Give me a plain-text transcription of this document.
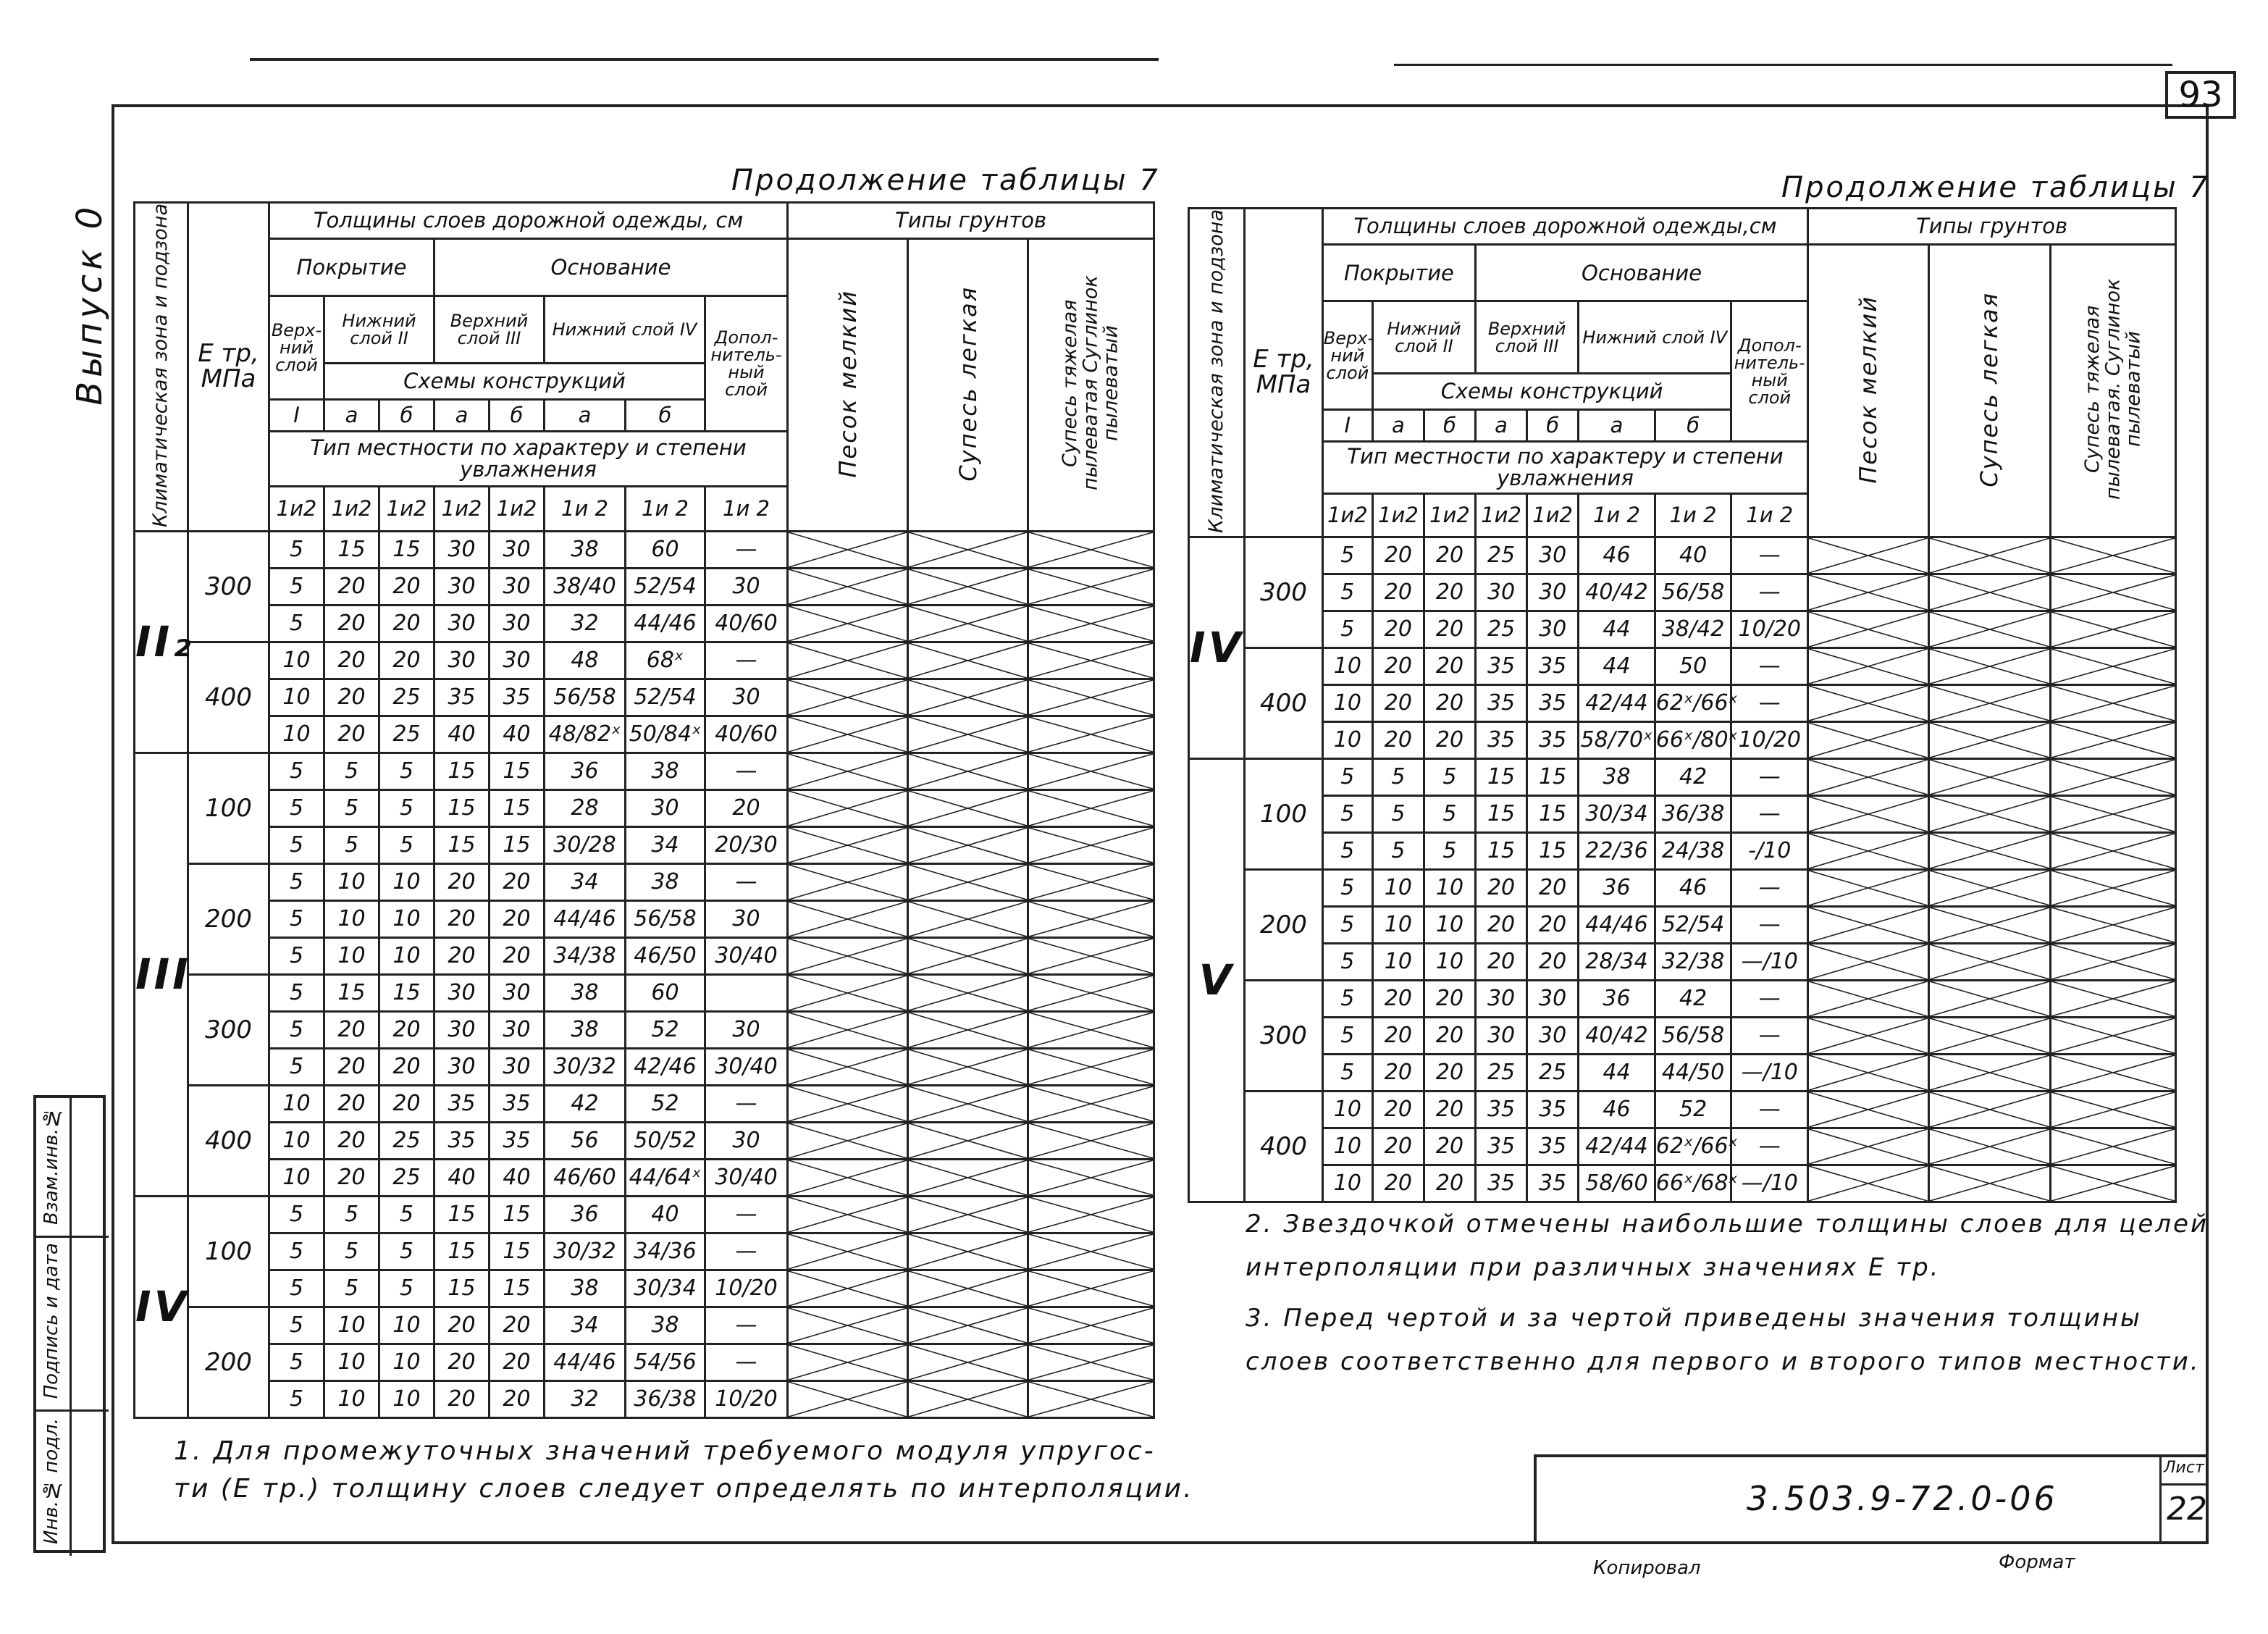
93
Выпуск 0
Взам.инв.№
Подпись и дата
Инв.№ подл.
Продолжение таблицы 7	Продолжение таблицы 7
Климатическая зона и подзона	Е тр, МПа	Толщины слоев дорожной одежды, см								Типы грунтов		
		Покрытие			Основание					Песок мелкий	Супесь легкая	Супесь тяжелая пылеватая Суглинок пылеватый
		Верх-ний слой	Нижний слой II		Верхний слой III		Нижний слой IV		Допол-нитель-ный слой			
			Схемы конструкций									
		I	а	б	а	б	а	б				
		Тип местности по характеру и степени увлажнения										
		1и2	1и2	1и2	1и2	1и2	1и 2	1и 2	1и 2			
II₂	300	5	15	15	30	30	38	60	—	

		5	20	20	30	30	38/40	52/54	30	

		5	20	20	30	30	32	44/46	40/60	

	400	10	20	20	30	30	48	68ˣ	—	

		10	20	25	35	35	56/58	52/54	30	

		10	20	25	40	40	48/82ˣ	50/84ˣ	40/60	

III	100	5	5	5	15	15	36	38	—	

		5	5	5	15	15	28	30	20	

		5	5	5	15	15	30/28	34	20/30	

	200	5	10	10	20	20	34	38	—	

		5	10	10	20	20	44/46	56/58	30	

		5	10	10	20	20	34/38	46/50	30/40	

	300	5	15	15	30	30	38	60		

		5	20	20	30	30	38	52	30	

		5	20	20	30	30	30/32	42/46	30/40	

	400	10	20	20	35	35	42	52	—	

		10	20	25	35	35	56	50/52	30	

		10	20	25	40	40	46/60	44/64ˣ	30/40	

IV	100	5	5	5	15	15	36	40	—	

		5	5	5	15	15	30/32	34/36	—	

		5	5	5	15	15	38	30/34	10/20	

	200	5	10	10	20	20	34	38	—	

		5	10	10	20	20	44/46	54/56	—	

		5	10	10	20	20	32	36/38	10/20	

Климатическая зона и подзона	Е тр, МПа	Толщины слоев дорожной одежды,см								Типы грунтов		
		Покрытие			Основание					Песок мелкий	Супесь легкая	Супесь тяжелая пылеватая. Суглинок пылеватый
		Верх-ний слой	Нижний слой II		Верхний слой III		Нижний слой IV		Допол-нитель-ный слой			
			Схемы конструкций									
		I	а	б	а	б	а	б				
		Тип местности по характеру и степени увлажнения										
		1и2	1и2	1и2	1и2	1и2	1и 2	1и 2	1и 2			
IV	300	5	20	20	25	30	46	40	—	

		5	20	20	30	30	40/42	56/58	—	

		5	20	20	25	30	44	38/42	10/20	

	400	10	20	20	35	35	44	50	—	

		10	20	20	35	35	42/44	62ˣ/66ˣ	—	

		10	20	20	35	35	58/70ˣ	66ˣ/80ˣ	10/20	

V	100	5	5	5	15	15	38	42	—	

		5	5	5	15	15	30/34	36/38	—	

		5	5	5	15	15	22/36	24/38	-/10	

	200	5	10	10	20	20	36	46	—	

		5	10	10	20	20	44/46	52/54	—	

		5	10	10	20	20	28/34	32/38	—/10	

	300	5	20	20	30	30	36	42	—	

		5	20	20	30	30	40/42	56/58	—	

		5	20	20	25	25	44	44/50	—/10	

	400	10	20	20	35	35	46	52	—	

		10	20	20	35	35	42/44	62ˣ/66ˣ	—	

		10	20	20	35	35	58/60	66ˣ/68ˣ	—/10	

1. Для промежуточных значений требуемого модуля упругос-
ти (Е тр.) толщину слоев следует определять по интерполяции.
2. Звездочкой отмечены наибольшие толщины слоев для целей
интерполяции при различных значениях Е тр.
3. Перед чертой и за чертой приведены значения толщины
слоев соответственно для первого и второго типов местности.
3.503.9-72.0-06
Лист
22
Копировал	Формат
